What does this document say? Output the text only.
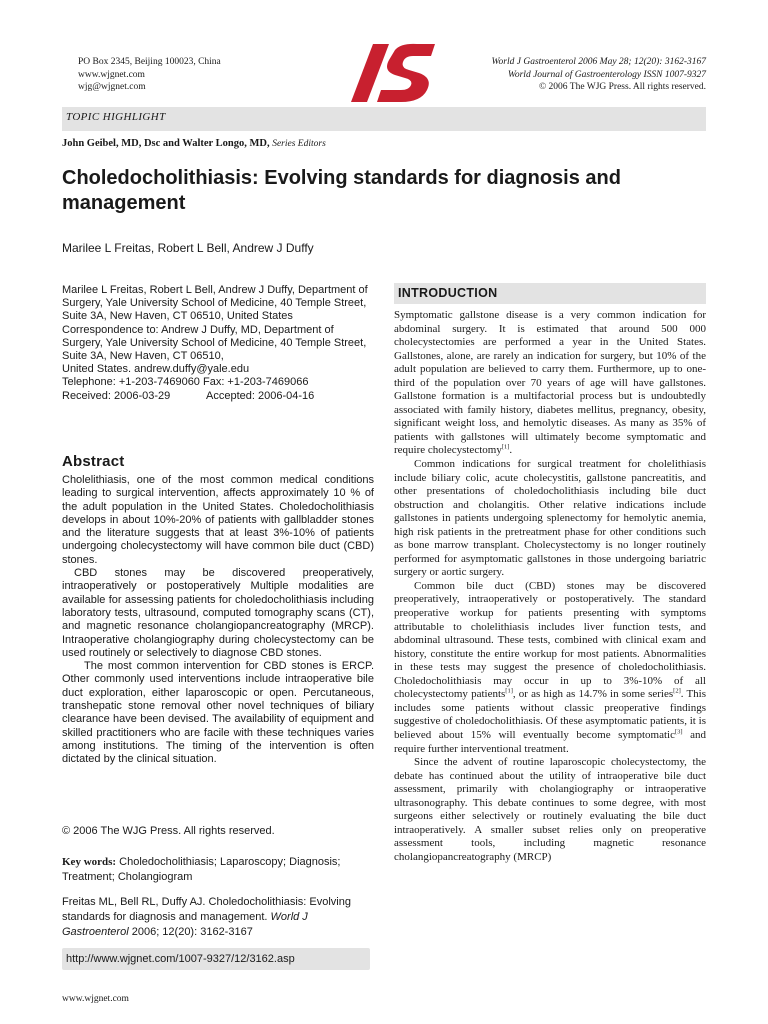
PO Box 2345, Beijing 100023, China
www.wjgnet.com
wjg@wjgnet.com
World J Gastroenterol 2006 May 28; 12(20): 3162-3167
World Journal of Gastroenterology ISSN 1007-9327
© 2006 The WJG Press. All rights reserved.
TOPIC HIGHLIGHT
John Geibel, MD, Dsc and Walter Longo, MD, Series Editors
Choledocholithiasis: Evolving standards for diagnosis and management
Marilee L Freitas, Robert L Bell, Andrew J Duffy

Marilee L Freitas, Robert L Bell, Andrew J Duffy, Department of Surgery, Yale University School of Medicine, 40 Temple Street, Suite 3A, New Haven, CT 06510, United States

Correspondence to: Andrew J Duffy, MD, Department of Surgery, Yale University School of Medicine, 40 Temple Street, Suite 3A, New Haven, CT 06510,

United States. andrew.duffy@yale.edu

Telephone: +1-203-7469060 Fax: +1-203-7469066

Received: 2006-03-29	Accepted: 2006-04-16
Abstract

Cholelithiasis, one of the most common medical conditions leading to surgical intervention, affects approximately 10 % of the adult population in the United States. Choledocholithiasis develops in about 10%-20% of patients with gallbladder stones and the literature suggests that at least 3%-10% of patients undergoing cholecystectomy will have common bile duct (CBD) stones.

CBD stones may be discovered preoperatively, intraoperatively or postoperatively Multiple modalities are available for assessing patients for choledocholithiasis including laboratory tests, ultrasound, computed tomography scans (CT), and magnetic resonance cholangiopancreatography (MRCP). Intraoperative cholangiography during cholecystectomy can be used routinely or selectively to diagnose CBD stones.

The most common intervention for CBD stones is ERCP. Other commonly used interventions include intraoperative bile duct exploration, either laparoscopic or open. Percutaneous, transhepatic stone removal other novel techniques of biliary clearance have been devised. The availability of equipment and skilled practitioners who are facile with these techniques varies among institutions. The timing of the intervention is often dictated by the clinical situation.

© 2006 The WJG Press. All rights reserved.
Key words: Choledocholithiasis; Laparoscopy; Diagnosis; Treatment; Cholangiogram
Freitas ML, Bell RL, Duffy AJ. Choledocholithiasis: Evolving standards for diagnosis and management. World J Gastroenterol 2006; 12(20): 3162-3167
http://www.wjgnet.com/1007-9327/12/3162.asp
www.wjgnet.com
INTRODUCTION

Symptomatic gallstone disease is a very common indication for abdominal surgery. It is estimated that around 500 000 cholecystectomies are performed a year in the United States. Gallstones, alone, are rarely an indication for surgery, but 10% of the adult population are believed to carry them. Furthermore, up to one-third of the population over 70 years of age will have gallstones. Gallstone formation is a multifactorial process but is undoubtedly associated with family history, diabetes mellitus, pregnancy, obesity, significant weight loss, and hemolytic diseases. As many as 35% of patients with gallstones will ultimately become symptomatic and require cholecystectomy[1].

Common indications for surgical treatment for cholelithiasis include biliary colic, acute cholecystitis, gallstone pancreatitis, and other presentations of choledocholithiasis including bile duct obstruction and cholangitis. Other relative indications include gallstones in patients undergoing splenectomy for hemolytic anemia, high risk patients in the pretreatment phase for other conditions such as bone marrow transplant. Cholecystectomy is no longer routinely performed for asymptomatic gallstones in those undergoing bariatric surgery or aortic surgery.

Common bile duct (CBD) stones may be discovered preoperatively, intraoperatively or postoperatively. The standard preoperative workup for patients presenting with symptoms attributable to cholelithiasis includes liver function tests, and abdominal ultrasound. These tests, combined with clinical exam and history, constitute the entire workup for most patients. Abnormalities in these tests may suggest the presence of choledocholithiasis. Choledocholithiasis may occur in up to 3%-10% of all cholecystectomy patients[1], or as high as 14.7% in some series[2]. This includes some patients without classic preoperative findings suggestive of choledocholithiasis. Of these asymptomatic patients, it is believed about 15% will eventually become symptomatic[3] and require further interventional treatment.

Since the advent of routine laparoscopic cholecystectomy, the debate has continued about the utility of intraoperative bile duct assessment, primarily with cholangiography or intraoperative ultrasonography. This debate continues to some degree, with most surgeons either selectively or routinely evaluating the bile duct intraoperatively. A smaller subset relies only on preoperative assessment tools, including magnetic resonance cholangiopancreatography (MRCP)
